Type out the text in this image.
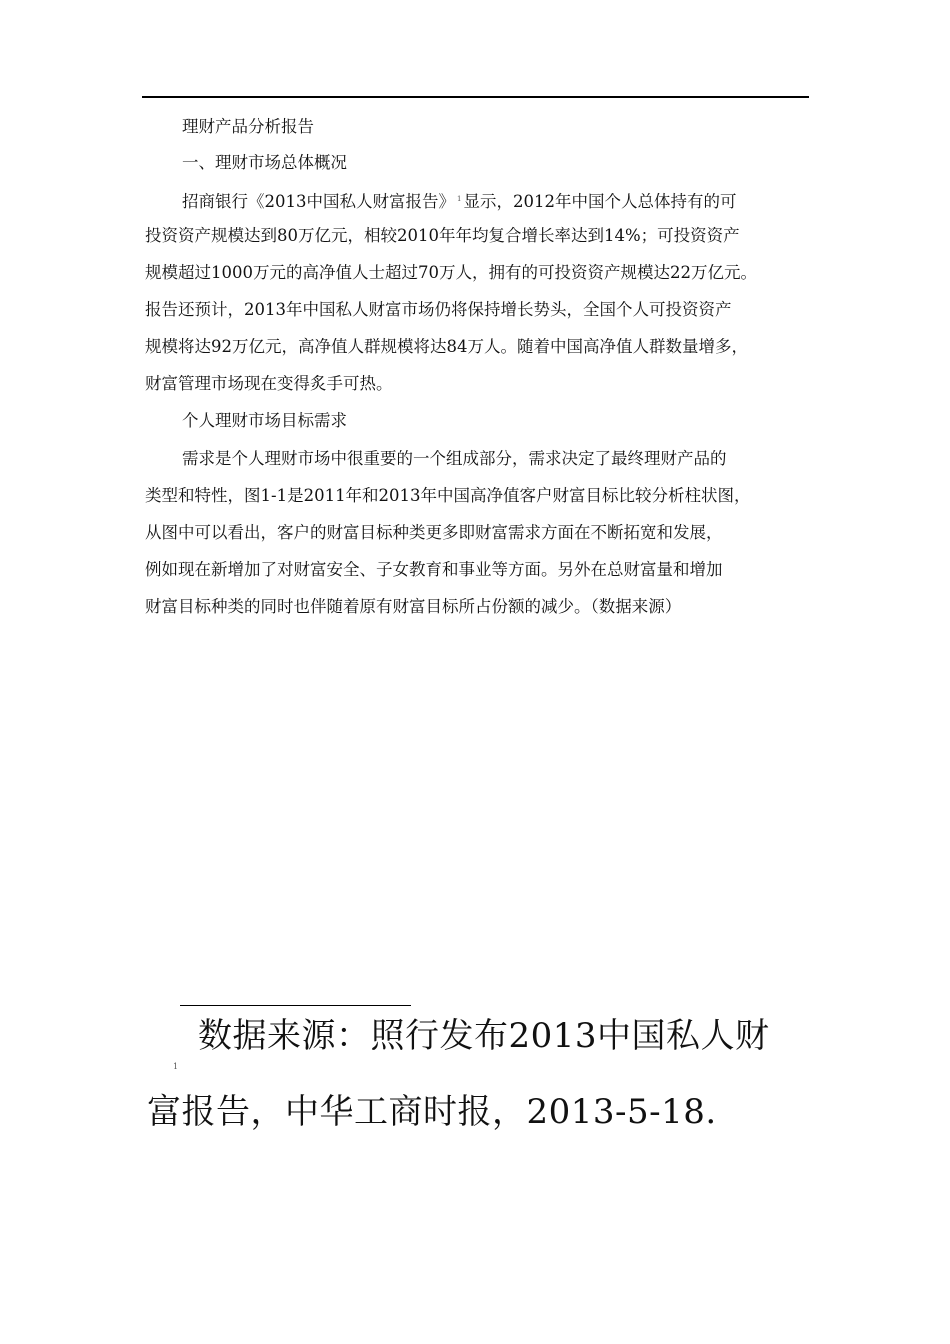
理财产品分析报告
一、理财市场总体概况
招商银行《2013中国私人财富报告》 $^1$ 显示，2012年中国个人总体持有的可
投资资产规模达到80万亿元，相较2010年年均复合增长率达到14%；可投资资产
规模超过1000万元的高净值人士超过70万人，拥有的可投资资产规模达22万亿元。
报告还预计，2013年中国私人财富市场仍将保持增长势头，全国个人可投资资产
规模将达92万亿元，高净值人群规模将达84万人。随着中国高净值人群数量增多，
财富管理市场现在变得炙手可热。
个人理财市场目标需求
需求是个人理财市场中很重要的一个组成部分，需求决定了最终理财产品的
类型和特性，图1-1是2011年和2013年中国高净值客户财富目标比较分析柱状图，
从图中可以看出，客户的财富目标种类更多即财富需求方面在不断拓宽和发展，
例如现在新增加了对财富安全、子女教育和事业等方面。另外在总财富量和增加
财富目标种类的同时也伴随着原有财富目标所占份额的减少。（数据来源）
1
数据来源：照行发布2013中国私人财
富报告，中华工商时报，2013-5-18.
